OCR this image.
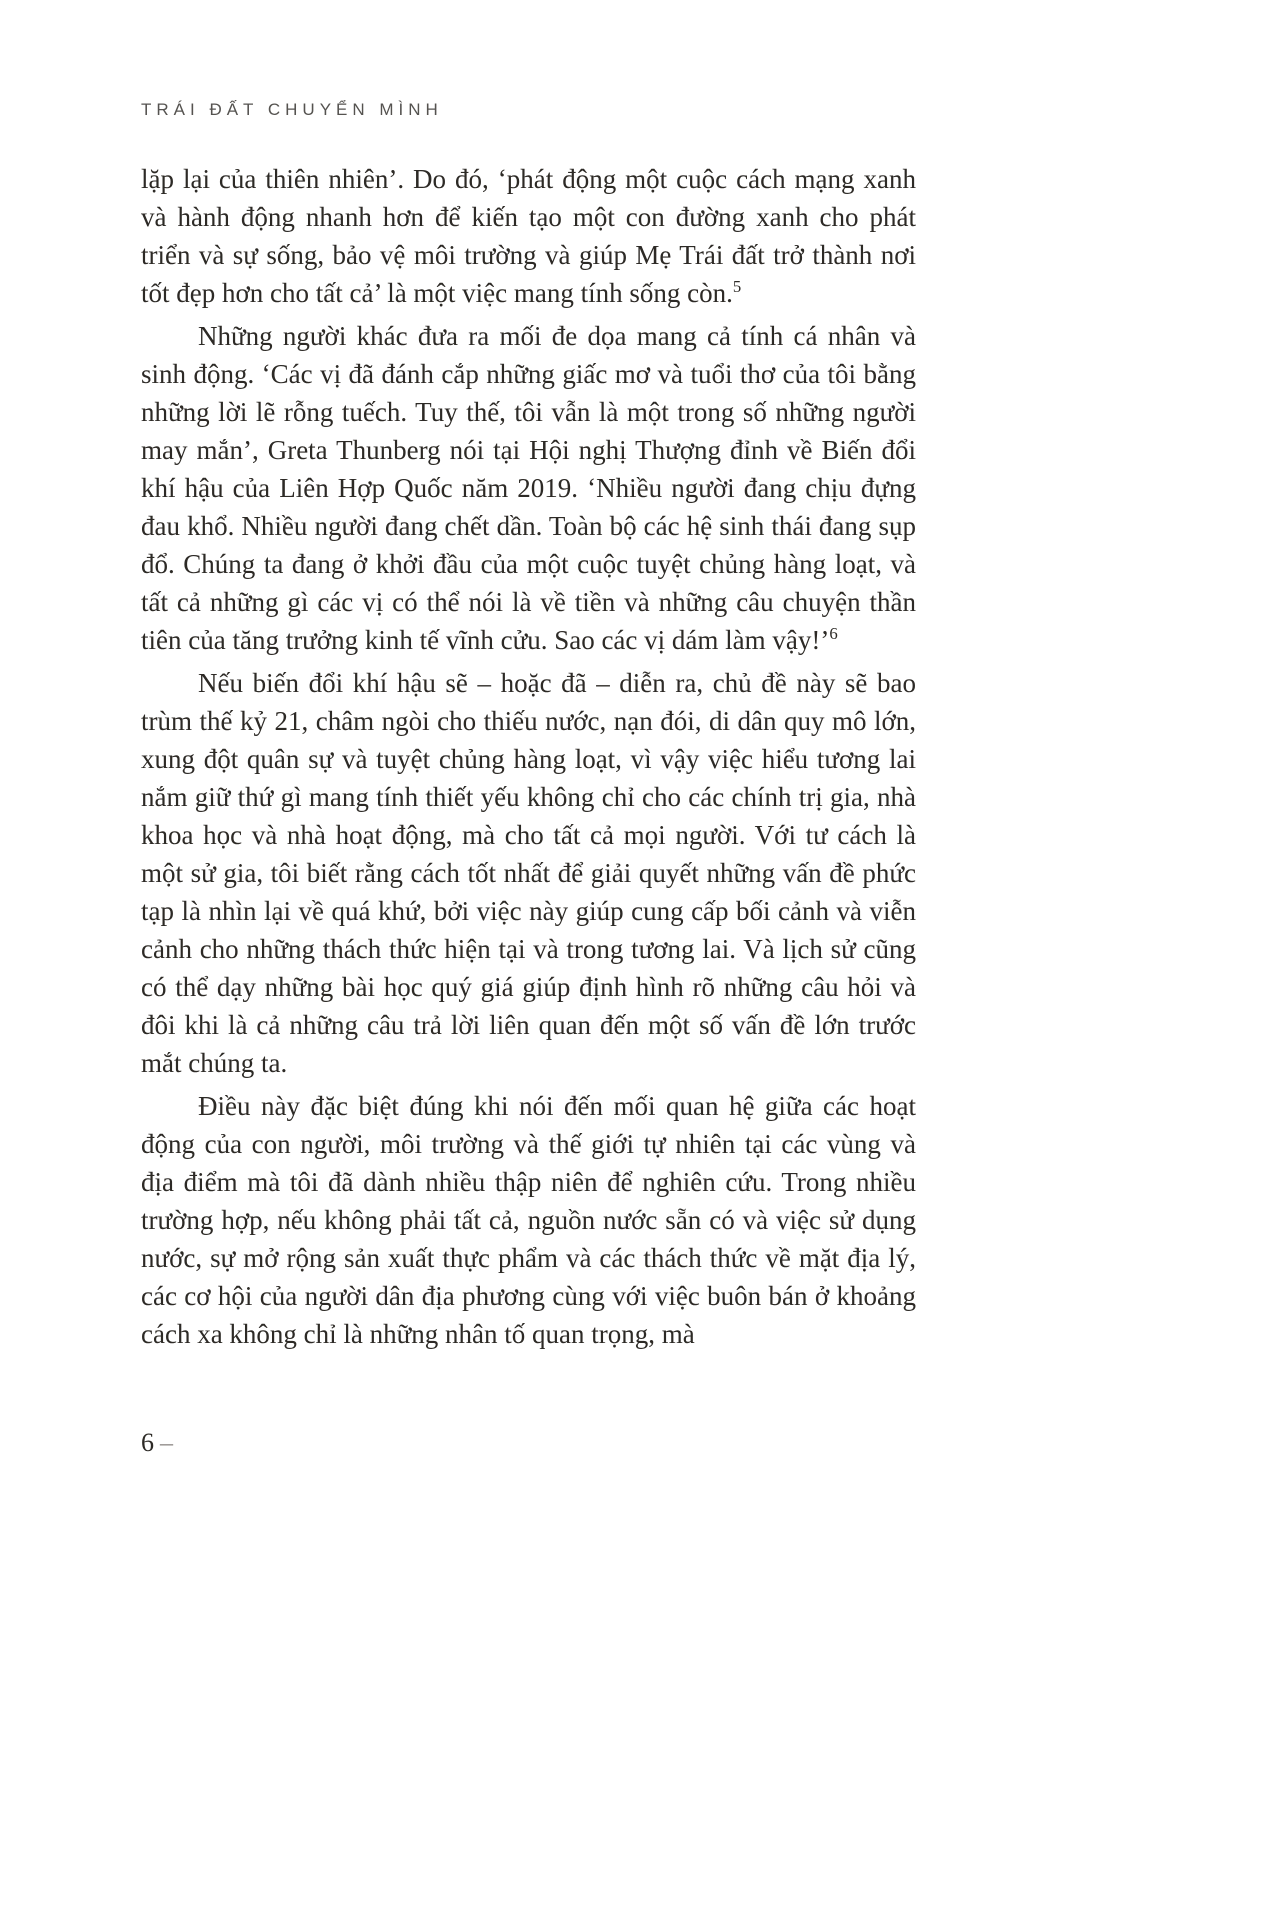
TRÁI ĐẤT CHUYỂN MÌNH

lặp lại của thiên nhiên’. Do đó, ‘phát động một cuộc cách mạng xanh và hành động nhanh hơn để kiến tạo một con đường xanh cho phát triển và sự sống, bảo vệ môi trường và giúp Mẹ Trái đất trở thành nơi tốt đẹp hơn cho tất cả’ là một việc mang tính sống còn.$^5$

Những người khác đưa ra mối đe dọa mang cả tính cá nhân và sinh động. ‘Các vị đã đánh cắp những giấc mơ và tuổi thơ của tôi bằng những lời lẽ rỗng tuếch. Tuy thế, tôi vẫn là một trong số những người may mắn’, Greta Thunberg nói tại Hội nghị Thượng đỉnh về Biến đổi khí hậu của Liên Hợp Quốc năm 2019. ‘Nhiều người đang chịu đựng đau khổ. Nhiều người đang chết dần. Toàn bộ các hệ sinh thái đang sụp đổ. Chúng ta đang ở khởi đầu của một cuộc tuyệt chủng hàng loạt, và tất cả những gì các vị có thể nói là về tiền và những câu chuyện thần tiên của tăng trưởng kinh tế vĩnh cửu. Sao các vị dám làm vậy!’$^6$

Nếu biến đổi khí hậu sẽ – hoặc đã – diễn ra, chủ đề này sẽ bao trùm thế kỷ 21, châm ngòi cho thiếu nước, nạn đói, di dân quy mô lớn, xung đột quân sự và tuyệt chủng hàng loạt, vì vậy việc hiểu tương lai nắm giữ thứ gì mang tính thiết yếu không chỉ cho các chính trị gia, nhà khoa học và nhà hoạt động, mà cho tất cả mọi người. Với tư cách là một sử gia, tôi biết rằng cách tốt nhất để giải quyết những vấn đề phức tạp là nhìn lại về quá khứ, bởi việc này giúp cung cấp bối cảnh và viễn cảnh cho những thách thức hiện tại và trong tương lai. Và lịch sử cũng có thể dạy những bài học quý giá giúp định hình rõ những câu hỏi và đôi khi là cả những câu trả lời liên quan đến một số vấn đề lớn trước mắt chúng ta.

Điều này đặc biệt đúng khi nói đến mối quan hệ giữa các hoạt động của con người, môi trường và thế giới tự nhiên tại các vùng và địa điểm mà tôi đã dành nhiều thập niên để nghiên cứu. Trong nhiều trường hợp, nếu không phải tất cả, nguồn nước sẵn có và việc sử dụng nước, sự mở rộng sản xuất thực phẩm và các thách thức về mặt địa lý, các cơ hội của người dân địa phương cùng với việc buôn bán ở khoảng cách xa không chỉ là những nhân tố quan trọng, mà

6 –
